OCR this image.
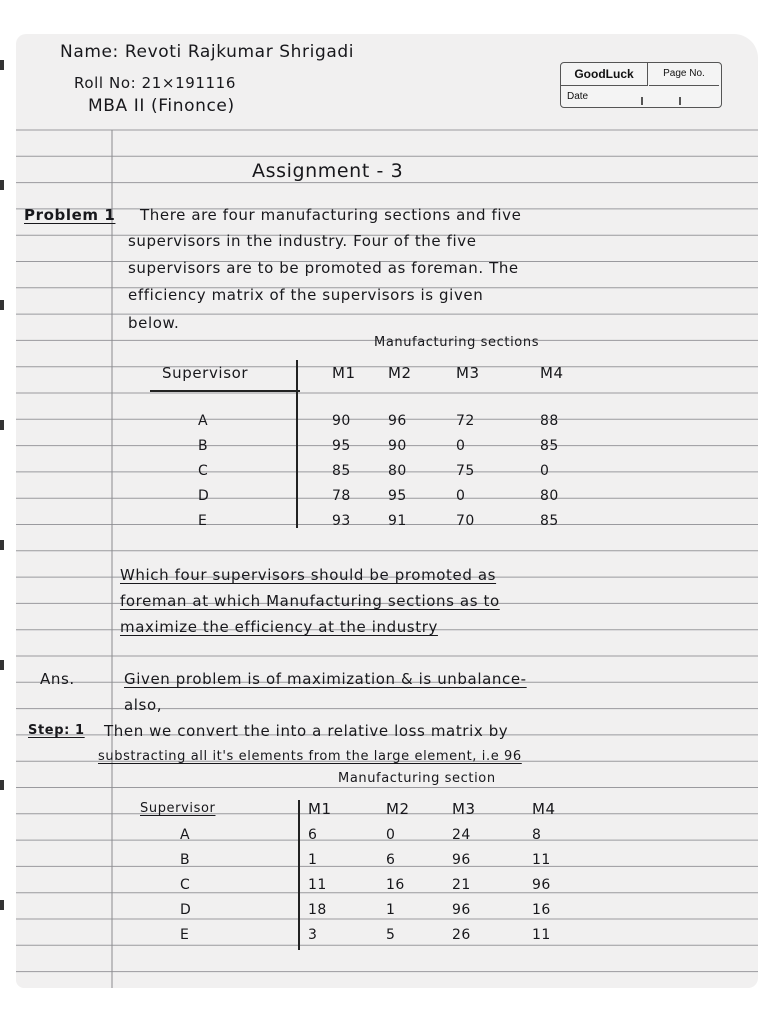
Name: Revoti Rajkumar Shrigadi
Roll No: 21×191116
MBA II (Finonce)
GoodLuck	Page No.
Date
Assignment - 3
Problem 1 There are four manufacturing sections and five
supervisors in the industry. Four of the five
supervisors are to be promoted as foreman. The
efficiency matrix of the supervisors is given
below.
Manufacturing sections
Supervisor	M1 M2	M3	M4
A	90	96	72	88
B	95	90	0	85
C	85	80	75	0
D	78	95	0	80
E	93	91	70	85
Which four supervisors should be promoted as
foreman at which Manufacturing sections as to
maximize the efficiency at the industry
Ans.	Given problem is of maximization & is unbalance-
also,
Step: 1 Then we convert the into a relative loss matrix by
substracting all it's elements from the large element, i.e 96
Manufacturing section
Supervisor	M1	M2	M3	M4
A	6	0	24	8
B	1	6	96	11
C	11	16	21	96
D	18	1	96	16
E	3	5	26	11
